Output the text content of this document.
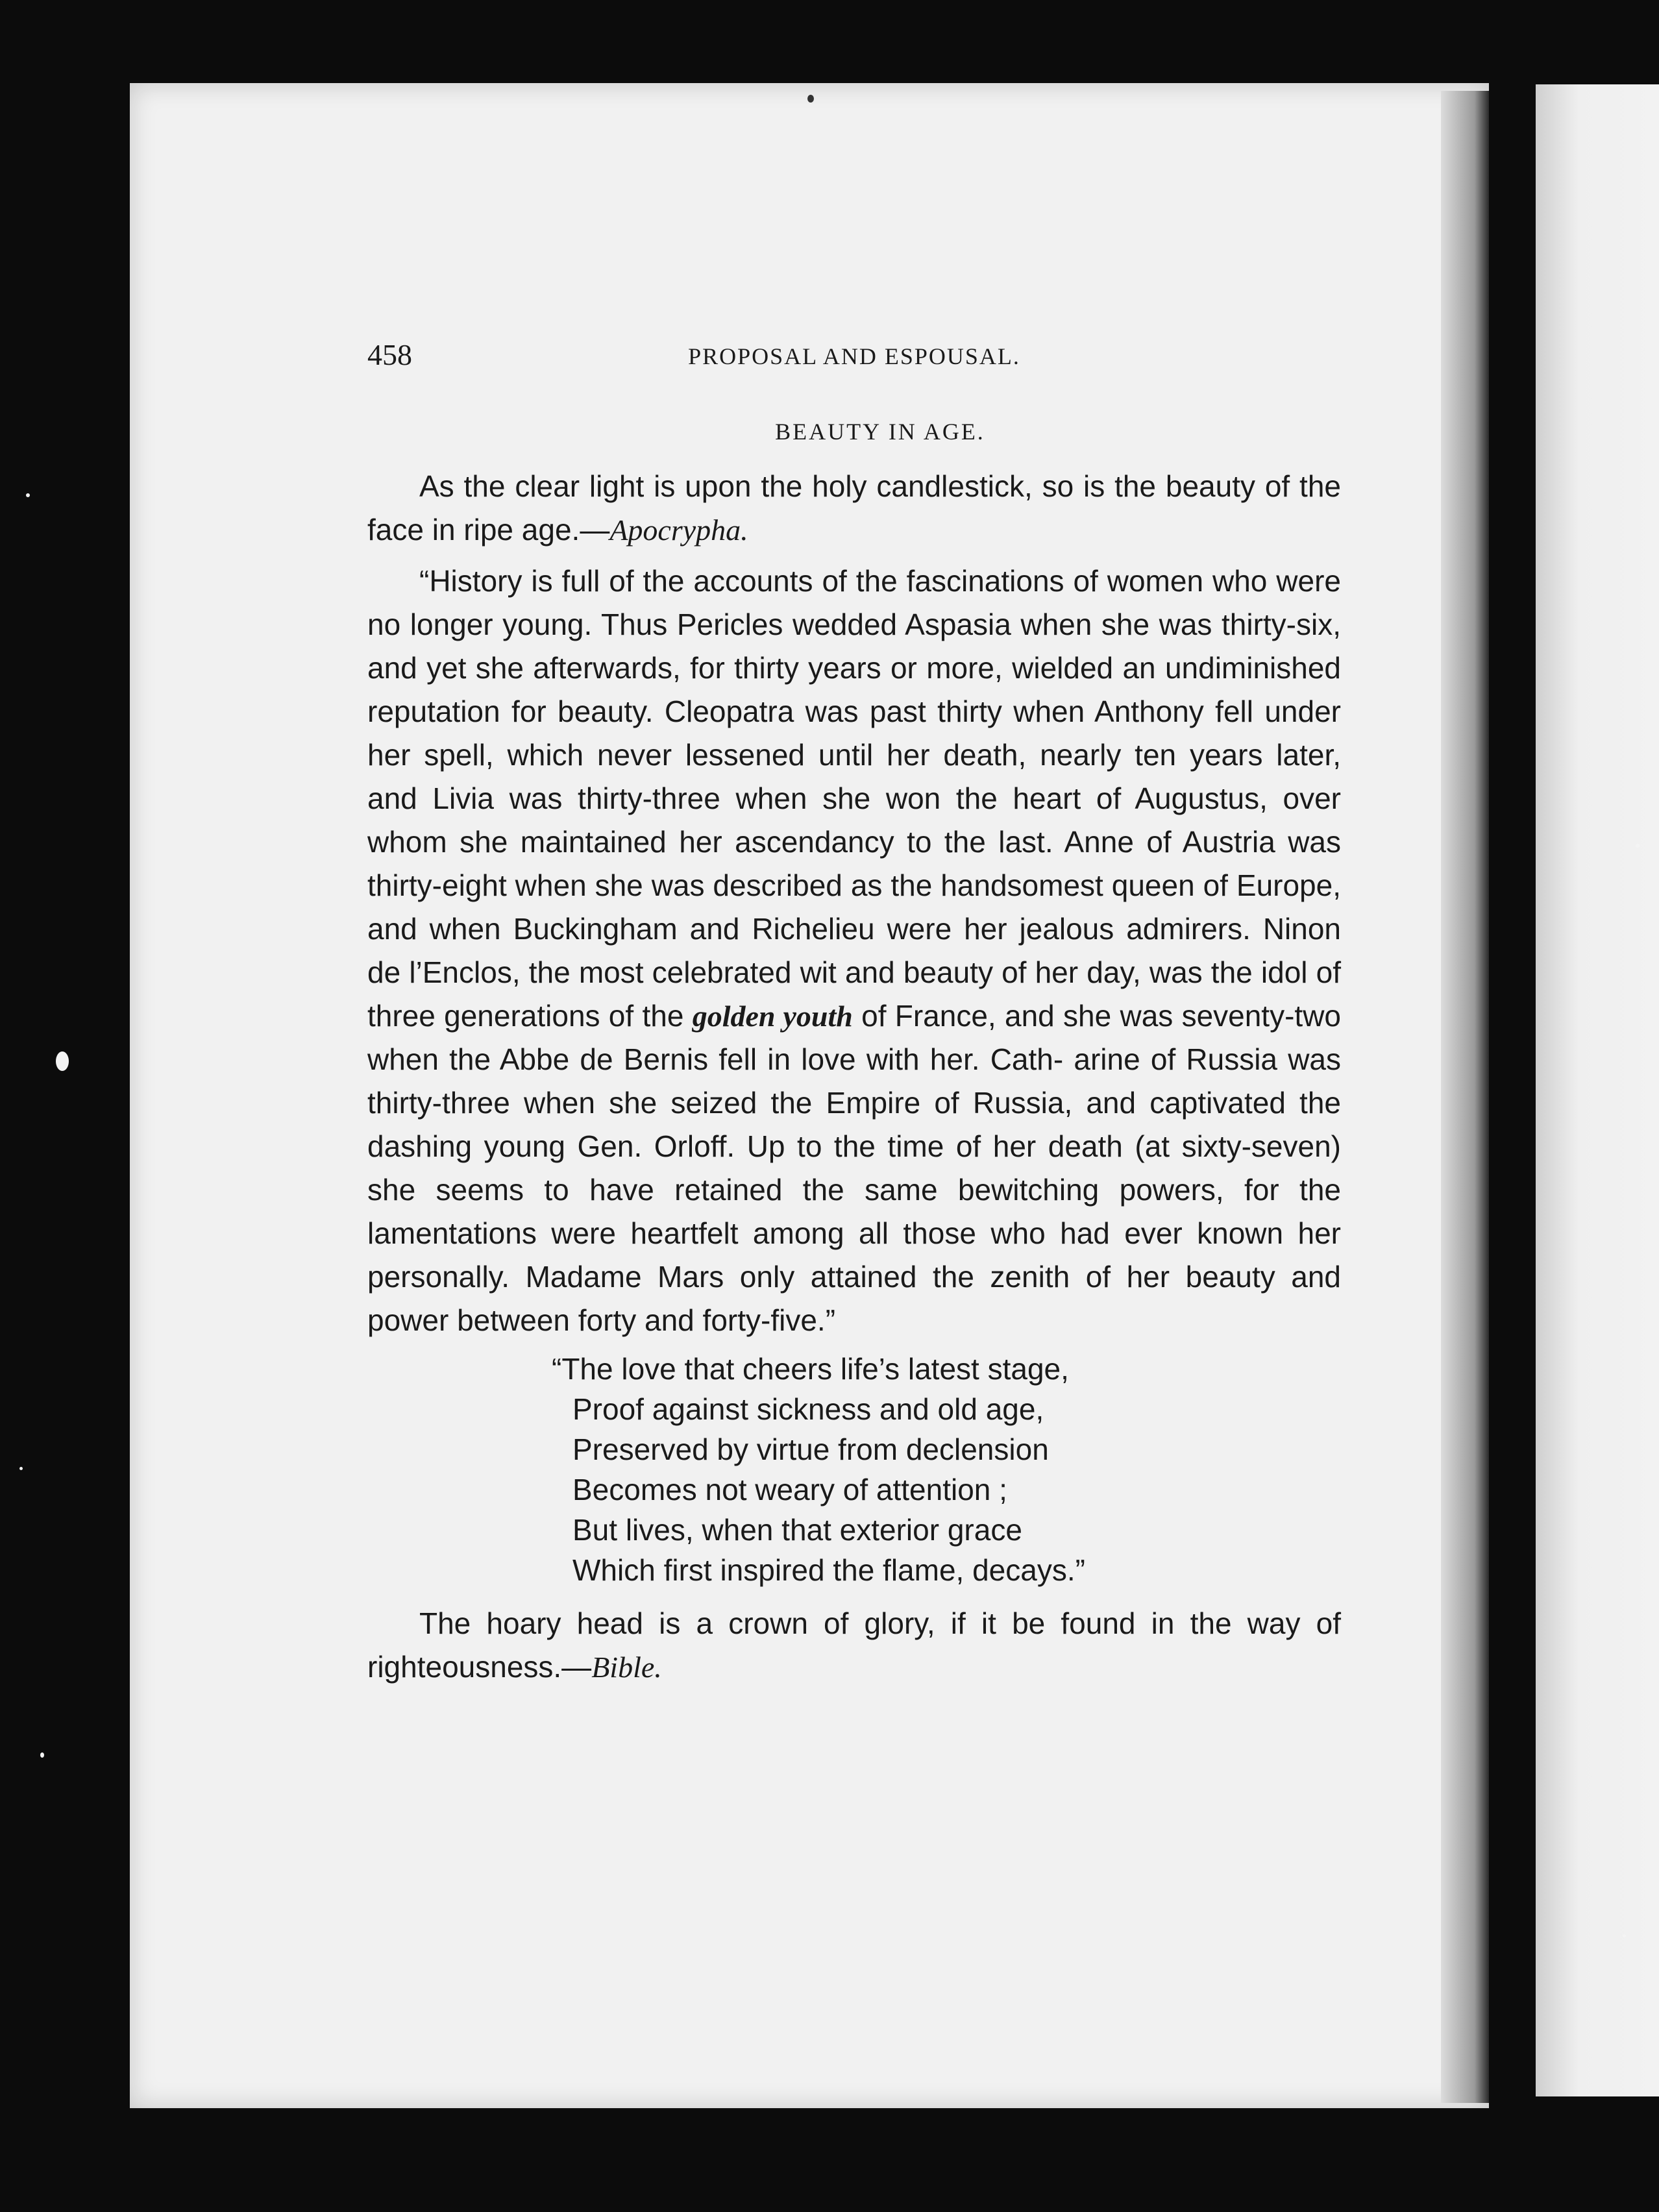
458	PROPOSAL AND ESPOUSAL.
BEAUTY IN AGE.

As the clear light is upon the holy candlestick, so is the beauty of the face in ripe age.—Apocrypha.

“History is full of the accounts of the fascinations of women who were no longer young. Thus Pericles wedded Aspasia when she was thirty-six, and yet she afterwards, for thirty years or more, wielded an undiminished reputation for beauty. Cleopatra was past thirty when Anthony fell under her spell, which never lessened until her death, nearly ten years later, and Livia was thirty-three when she won the heart of Augustus, over whom she maintained her ascendancy to the last. Anne of Austria was thirty-eight when she was described as the handsomest queen of Europe, and when Buckingham and Richelieu were her jealous admirers. Ninon de l’Enclos, the most celebrated wit and beauty of her day, was the idol of three generations of the golden youth of France, and she was seventy-two when the Abbe de Bernis fell in love with her. Cath- arine of Russia was thirty-three when she seized the Empire of Russia, and captivated the dashing young Gen. Orloff. Up to the time of her death (at sixty-seven) she seems to have retained the same bewitching powers, for the lamentations were heartfelt among all those who had ever known her personally. Madame Mars only attained the zenith of her beauty and power between forty and forty-five.”

“The love that cheers life’s latest stage,
Proof against sickness and old age,
Preserved by virtue from declension
Becomes not weary of attention ;
But lives, when that exterior grace
Which first inspired the flame, decays.”

The hoary head is a crown of glory, if it be found in the way of righteousness.—Bible.
